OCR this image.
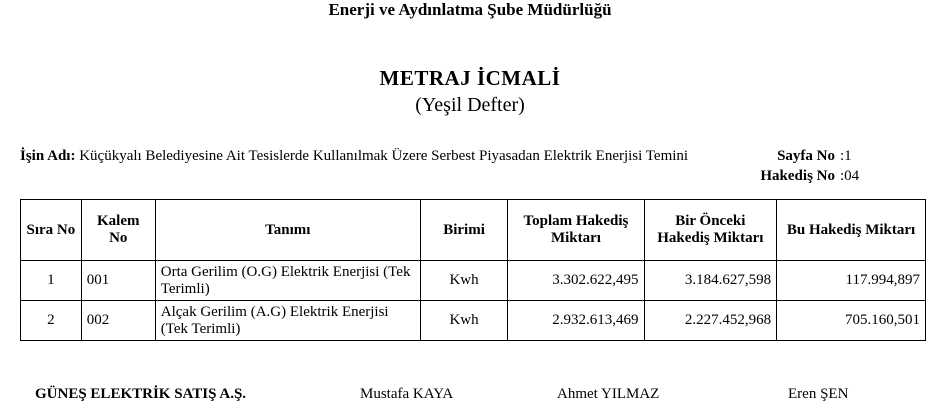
Enerji ve Aydınlatma Şube Müdürlüğü
METRAJ İCMALİ
(Yeşil Defter)
İşin Adı: Küçükyalı Belediyesine Ait Tesislerde Kullanılmak Üzere Serbest Piyasadan Elektrik Enerjisi Temini	Sayfa No :1
Hakediş No :04
Sıra No	Kalem No	Tanımı	Birimi	Toplam Hakediş Miktarı	Bir Önceki Hakediş Miktarı	Bu Hakediş Miktarı
1	001	Orta Gerilim (O.G) Elektrik Enerjisi (Tek Terimli)	Kwh	3.302.622,495	3.184.627,598	117.994,897
2	002	Alçak Gerilim (A.G) Elektrik Enerjisi (Tek Terimli)	Kwh	2.932.613,469	2.227.452,968	705.160,501
GÜNEŞ ELEKTRİK SATIŞ A.Ş.	Mustafa KAYA	Ahmet YILMAZ	Eren ŞEN
